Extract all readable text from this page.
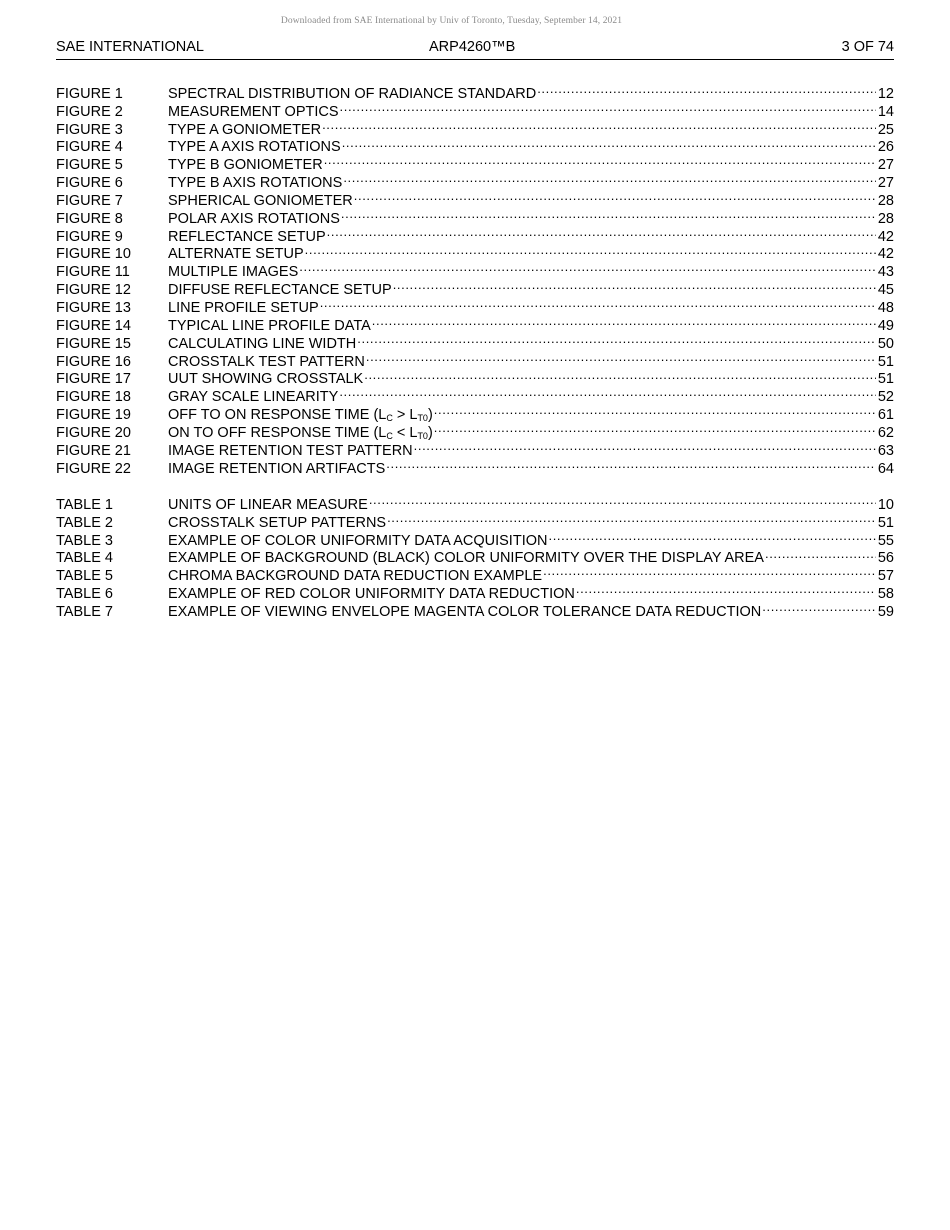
Downloaded from SAE International by Univ of Toronto, Tuesday, September 14, 2021
SAE INTERNATIONAL	ARP4260™B	3 OF 74
FIGURE 1	SPECTRAL DISTRIBUTION OF RADIANCE STANDARD .....	12
FIGURE 2	MEASUREMENT OPTICS .....	14
FIGURE 3	TYPE A GONIOMETER .....	25
FIGURE 4	TYPE A AXIS ROTATIONS .....	26
FIGURE 5	TYPE B GONIOMETER .....	27
FIGURE 6	TYPE B AXIS ROTATIONS .....	27
FIGURE 7	SPHERICAL GONIOMETER .....	28
FIGURE 8	POLAR AXIS ROTATIONS .....	28
FIGURE 9	REFLECTANCE SETUP .....	42
FIGURE 10	ALTERNATE SETUP .....	42
FIGURE 11	MULTIPLE IMAGES .....	43
FIGURE 12	DIFFUSE REFLECTANCE SETUP .....	45
FIGURE 13	LINE PROFILE SETUP .....	48
FIGURE 14	TYPICAL LINE PROFILE DATA .....	49
FIGURE 15	CALCULATING LINE WIDTH .....	50
FIGURE 16	CROSSTALK TEST PATTERN .....	51
FIGURE 17	UUT SHOWING CROSSTALK .....	51
FIGURE 18	GRAY SCALE LINEARITY .....	52
FIGURE 19	OFF TO ON RESPONSE TIME $(L_C > L_{T0})$ .....	61
FIGURE 20	ON TO OFF RESPONSE TIME $(L_C < L_{T0})$ .....	62
FIGURE 21	IMAGE RETENTION TEST PATTERN .....	63
FIGURE 22	IMAGE RETENTION ARTIFACTS .....	64
TABLE 1	UNITS OF LINEAR MEASURE .....	10
TABLE 2	CROSSTALK SETUP PATTERNS .....	51
TABLE 3	EXAMPLE OF COLOR UNIFORMITY DATA ACQUISITION .....	55
TABLE 4	EXAMPLE OF BACKGROUND (BLACK) COLOR UNIFORMITY OVER THE DISPLAY AREA .....	56
TABLE 5	CHROMA BACKGROUND DATA REDUCTION EXAMPLE .....	57
TABLE 6	EXAMPLE OF RED COLOR UNIFORMITY DATA REDUCTION .....	58
TABLE 7	EXAMPLE OF VIEWING ENVELOPE MAGENTA COLOR TOLERANCE DATA REDUCTION .....	59
